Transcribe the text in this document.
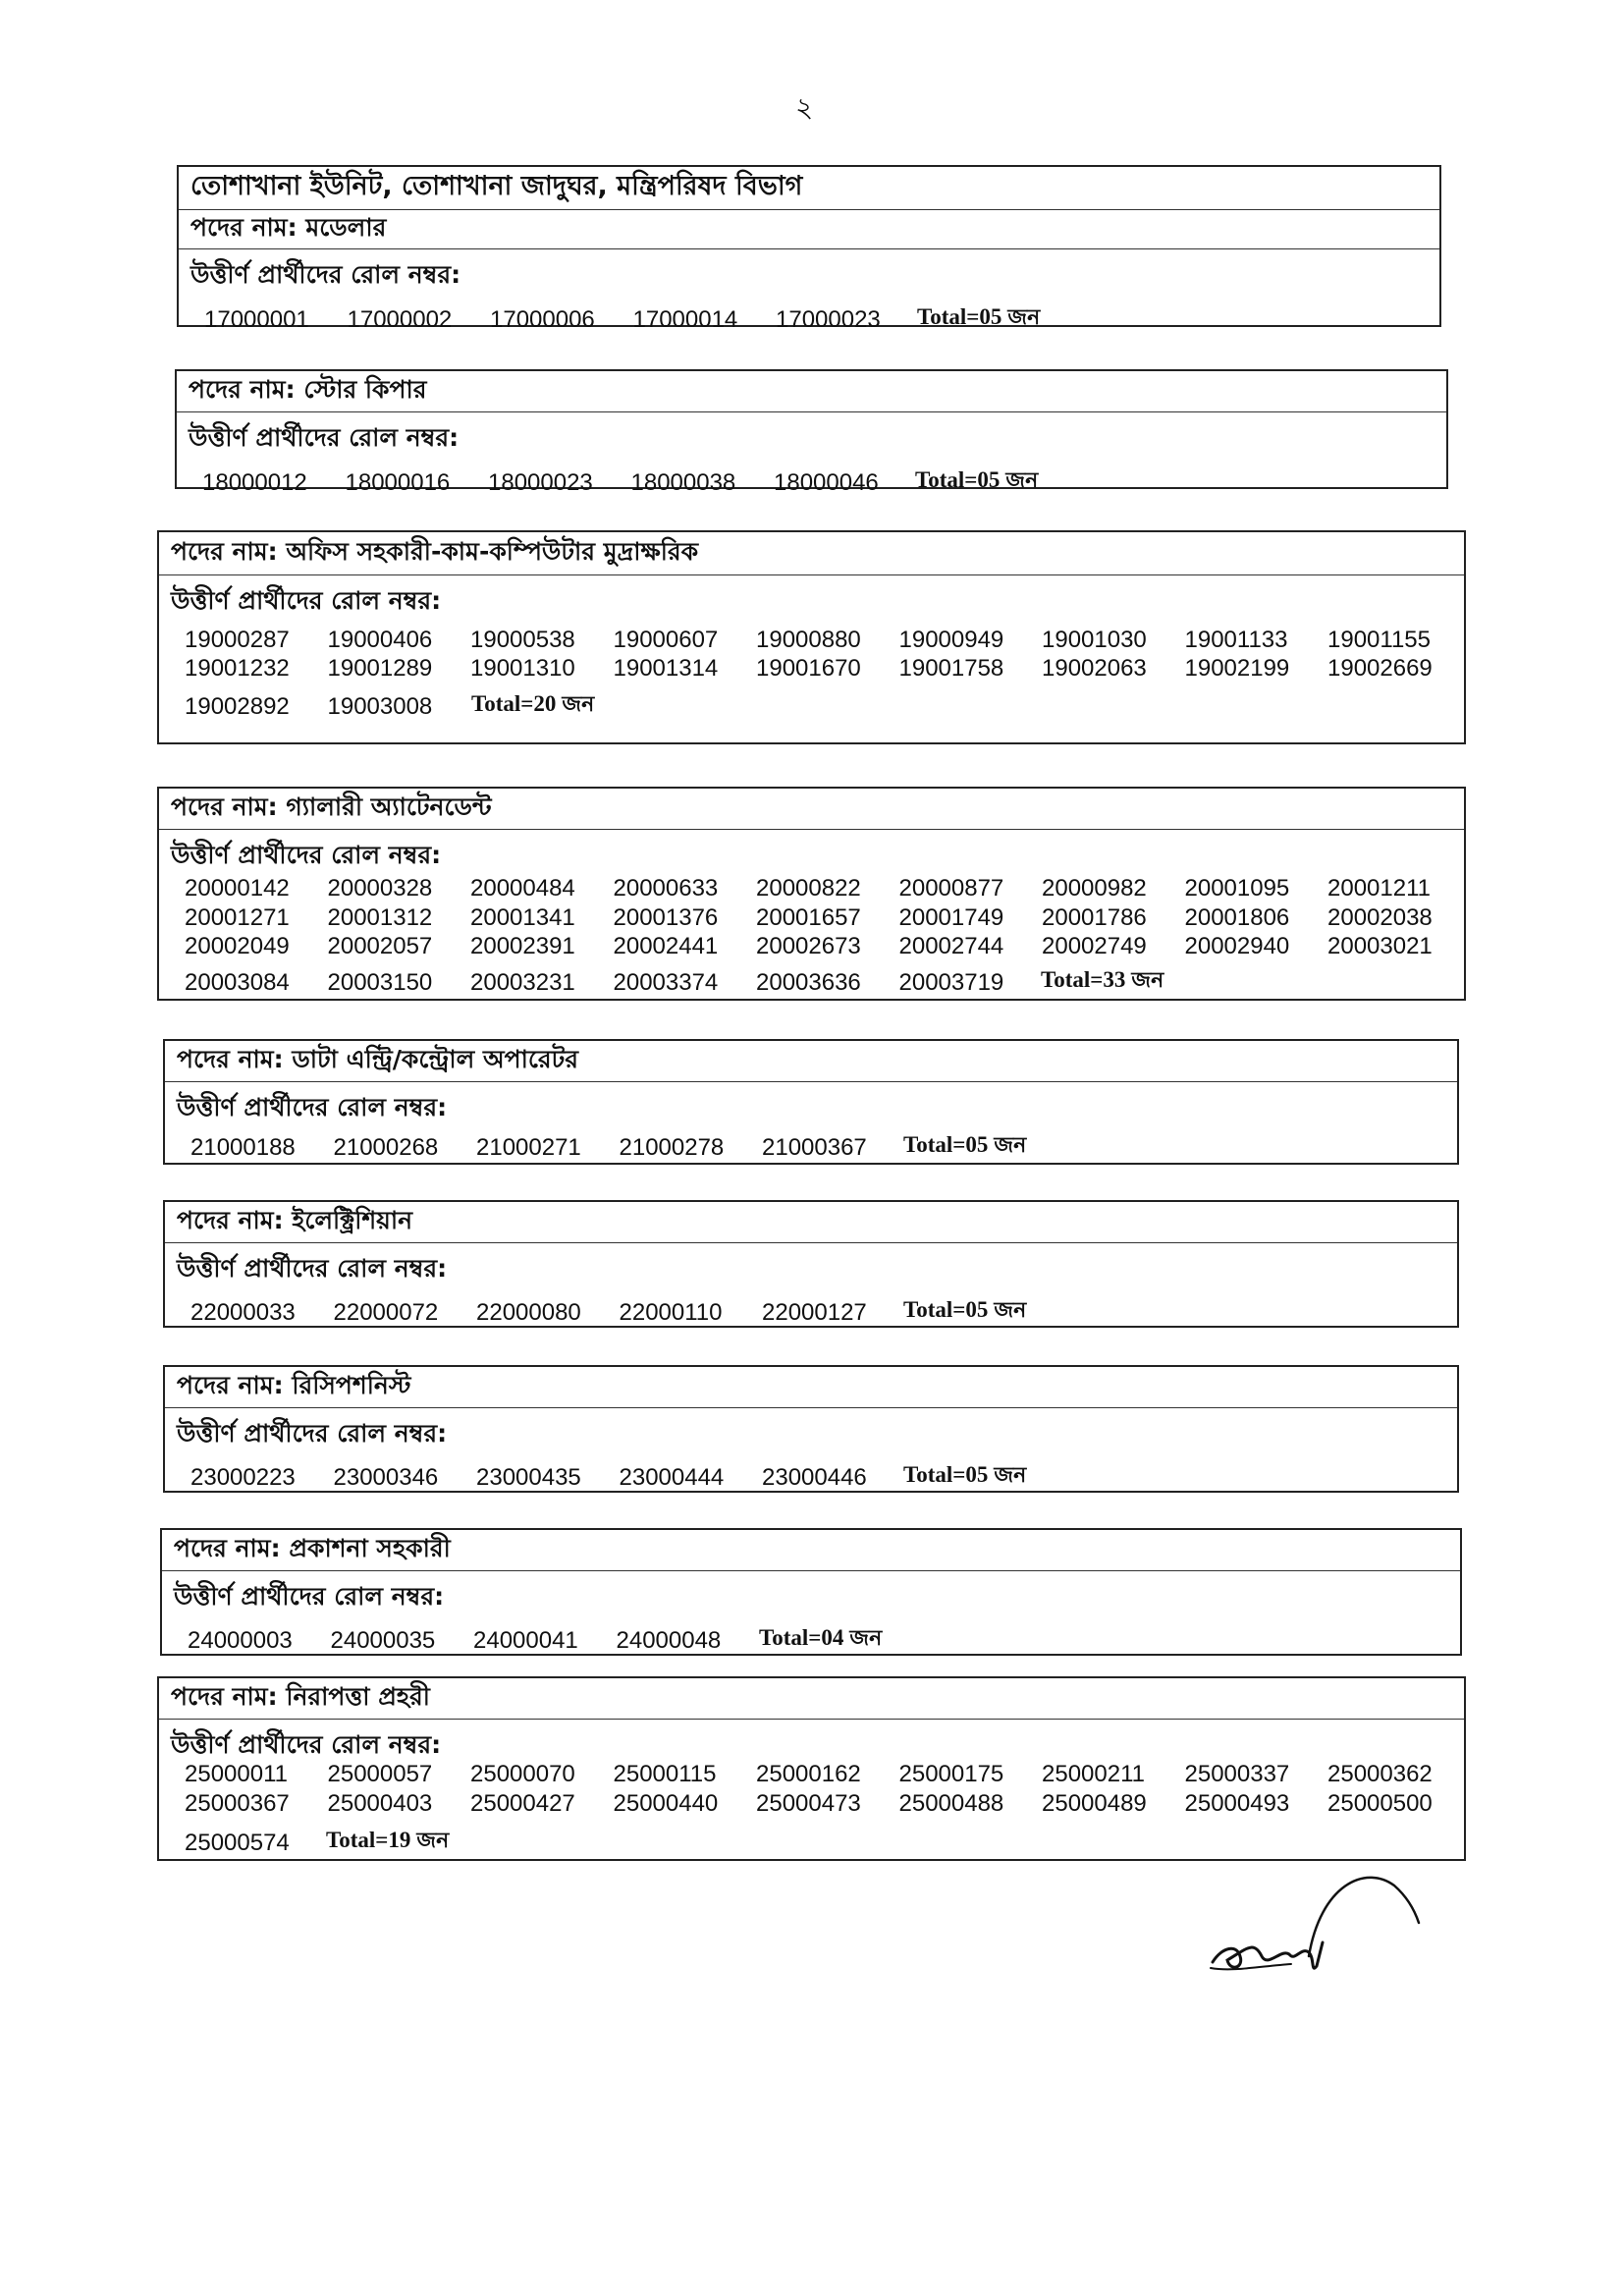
২
তোশাখানা ইউনিট, তোশাখানা জাদুঘর, মন্ত্রিপরিষদ বিভাগ
পদের নাম: মডেলার
উত্তীর্ণ প্রার্থীদের রোল নম্বর:
17000001 17000002 17000006 17000014 17000023 Total=05 জন
পদের নাম: স্টোর কিপার
উত্তীর্ণ প্রার্থীদের রোল নম্বর:
18000012 18000016 18000023 18000038 18000046 Total=05 জন
পদের নাম: অফিস সহকারী-কাম-কম্পিউটার মুদ্রাক্ষরিক
উত্তীর্ণ প্রার্থীদের রোল নম্বর:
19000287 19000406 19000538 19000607 19000880 19000949 19001030 19001133 19001155
19001232 19001289 19001310 19001314 19001670 19001758 19002063 19002199 19002669
19002892 19003008 Total=20 জন
পদের নাম: গ্যালারী অ্যাটেনডেন্ট
উত্তীর্ণ প্রার্থীদের রোল নম্বর:
20000142 20000328 20000484 20000633 20000822 20000877 20000982 20001095 20001211
20001271 20001312 20001341 20001376 20001657 20001749 20001786 20001806 20002038
20002049 20002057 20002391 20002441 20002673 20002744 20002749 20002940 20003021
20003084 20003150 20003231 20003374 20003636 20003719 Total=33 জন
পদের নাম: ডাটা এন্ট্রি/কন্ট্রোল অপারেটর
উত্তীর্ণ প্রার্থীদের রোল নম্বর:
21000188 21000268 21000271 21000278 21000367 Total=05 জন
পদের নাম: ইলেক্ট্রিশিয়ান
উত্তীর্ণ প্রার্থীদের রোল নম্বর:
22000033 22000072 22000080 22000110 22000127 Total=05 জন
পদের নাম: রিসিপশনিস্ট
উত্তীর্ণ প্রার্থীদের রোল নম্বর:
23000223 23000346 23000435 23000444 23000446 Total=05 জন
পদের নাম: প্রকাশনা সহকারী
উত্তীর্ণ প্রার্থীদের রোল নম্বর:
24000003 24000035 24000041 24000048 Total=04 জন
পদের নাম: নিরাপত্তা প্রহরী
উত্তীর্ণ প্রার্থীদের রোল নম্বর:
25000011 25000057 25000070 25000115 25000162 25000175 25000211 25000337 25000362
25000367 25000403 25000427 25000440 25000473 25000488 25000489 25000493 25000500
25000574 Total=19 জন
